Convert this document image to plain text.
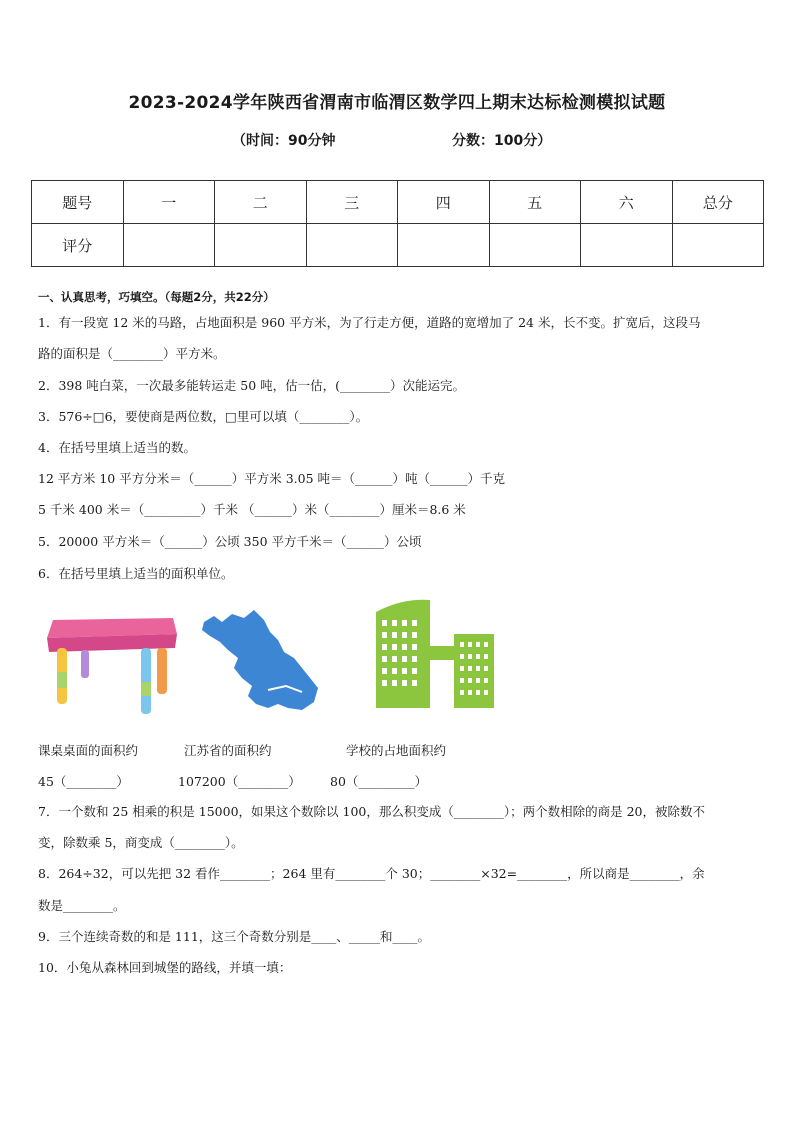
2023-2024学年陕西省渭南市临渭区数学四上期末达标检测模拟试题
（时间：90分钟	分数：100分）
题号	一	二	三	四	五	六	总分
评分							
一、认真思考，巧填空。（每题2分，共22分）
1．有一段宽 12 米的马路，占地面积是 960 平方米，为了行走方便，道路的宽增加了 24 米，长不变。扩宽后，这段马
路的面积是（________）平方米。
2．398 吨白菜，一次最多能转运走 50 吨，估一估，(________）次能运完。
3．576÷□6，要使商是两位数，□里可以填（________）。
4．在括号里填上适当的数。
12 平方米 10 平方分米＝（______）平方米 3.05 吨＝（______）吨（______）千克
5 千米 400 米＝（_________）千米 （______）米（________）厘米＝8.6 米
5．20000 平方米＝（______）公顷 350 平方千米＝（______）公顷
6．在括号里填上适当的面积单位。
课桌桌面的面积约	江苏省的面积约	学校的占地面积约
45（________）	107200（________） 80（_________）
7．一个数和 25 相乘的积是 15000，如果这个数除以 100，那么积变成（________）；两个数相除的商是 20，被除数不
变，除数乘 5，商变成（________）。
8．264÷32，可以先把 32 看作________；264 里有________个 30；________×32=________，所以商是________，余
数是________。
9．三个连续奇数的和是 111，这三个奇数分别是____、_____和____。
10．小兔从森林回到城堡的路线，并填一填：
